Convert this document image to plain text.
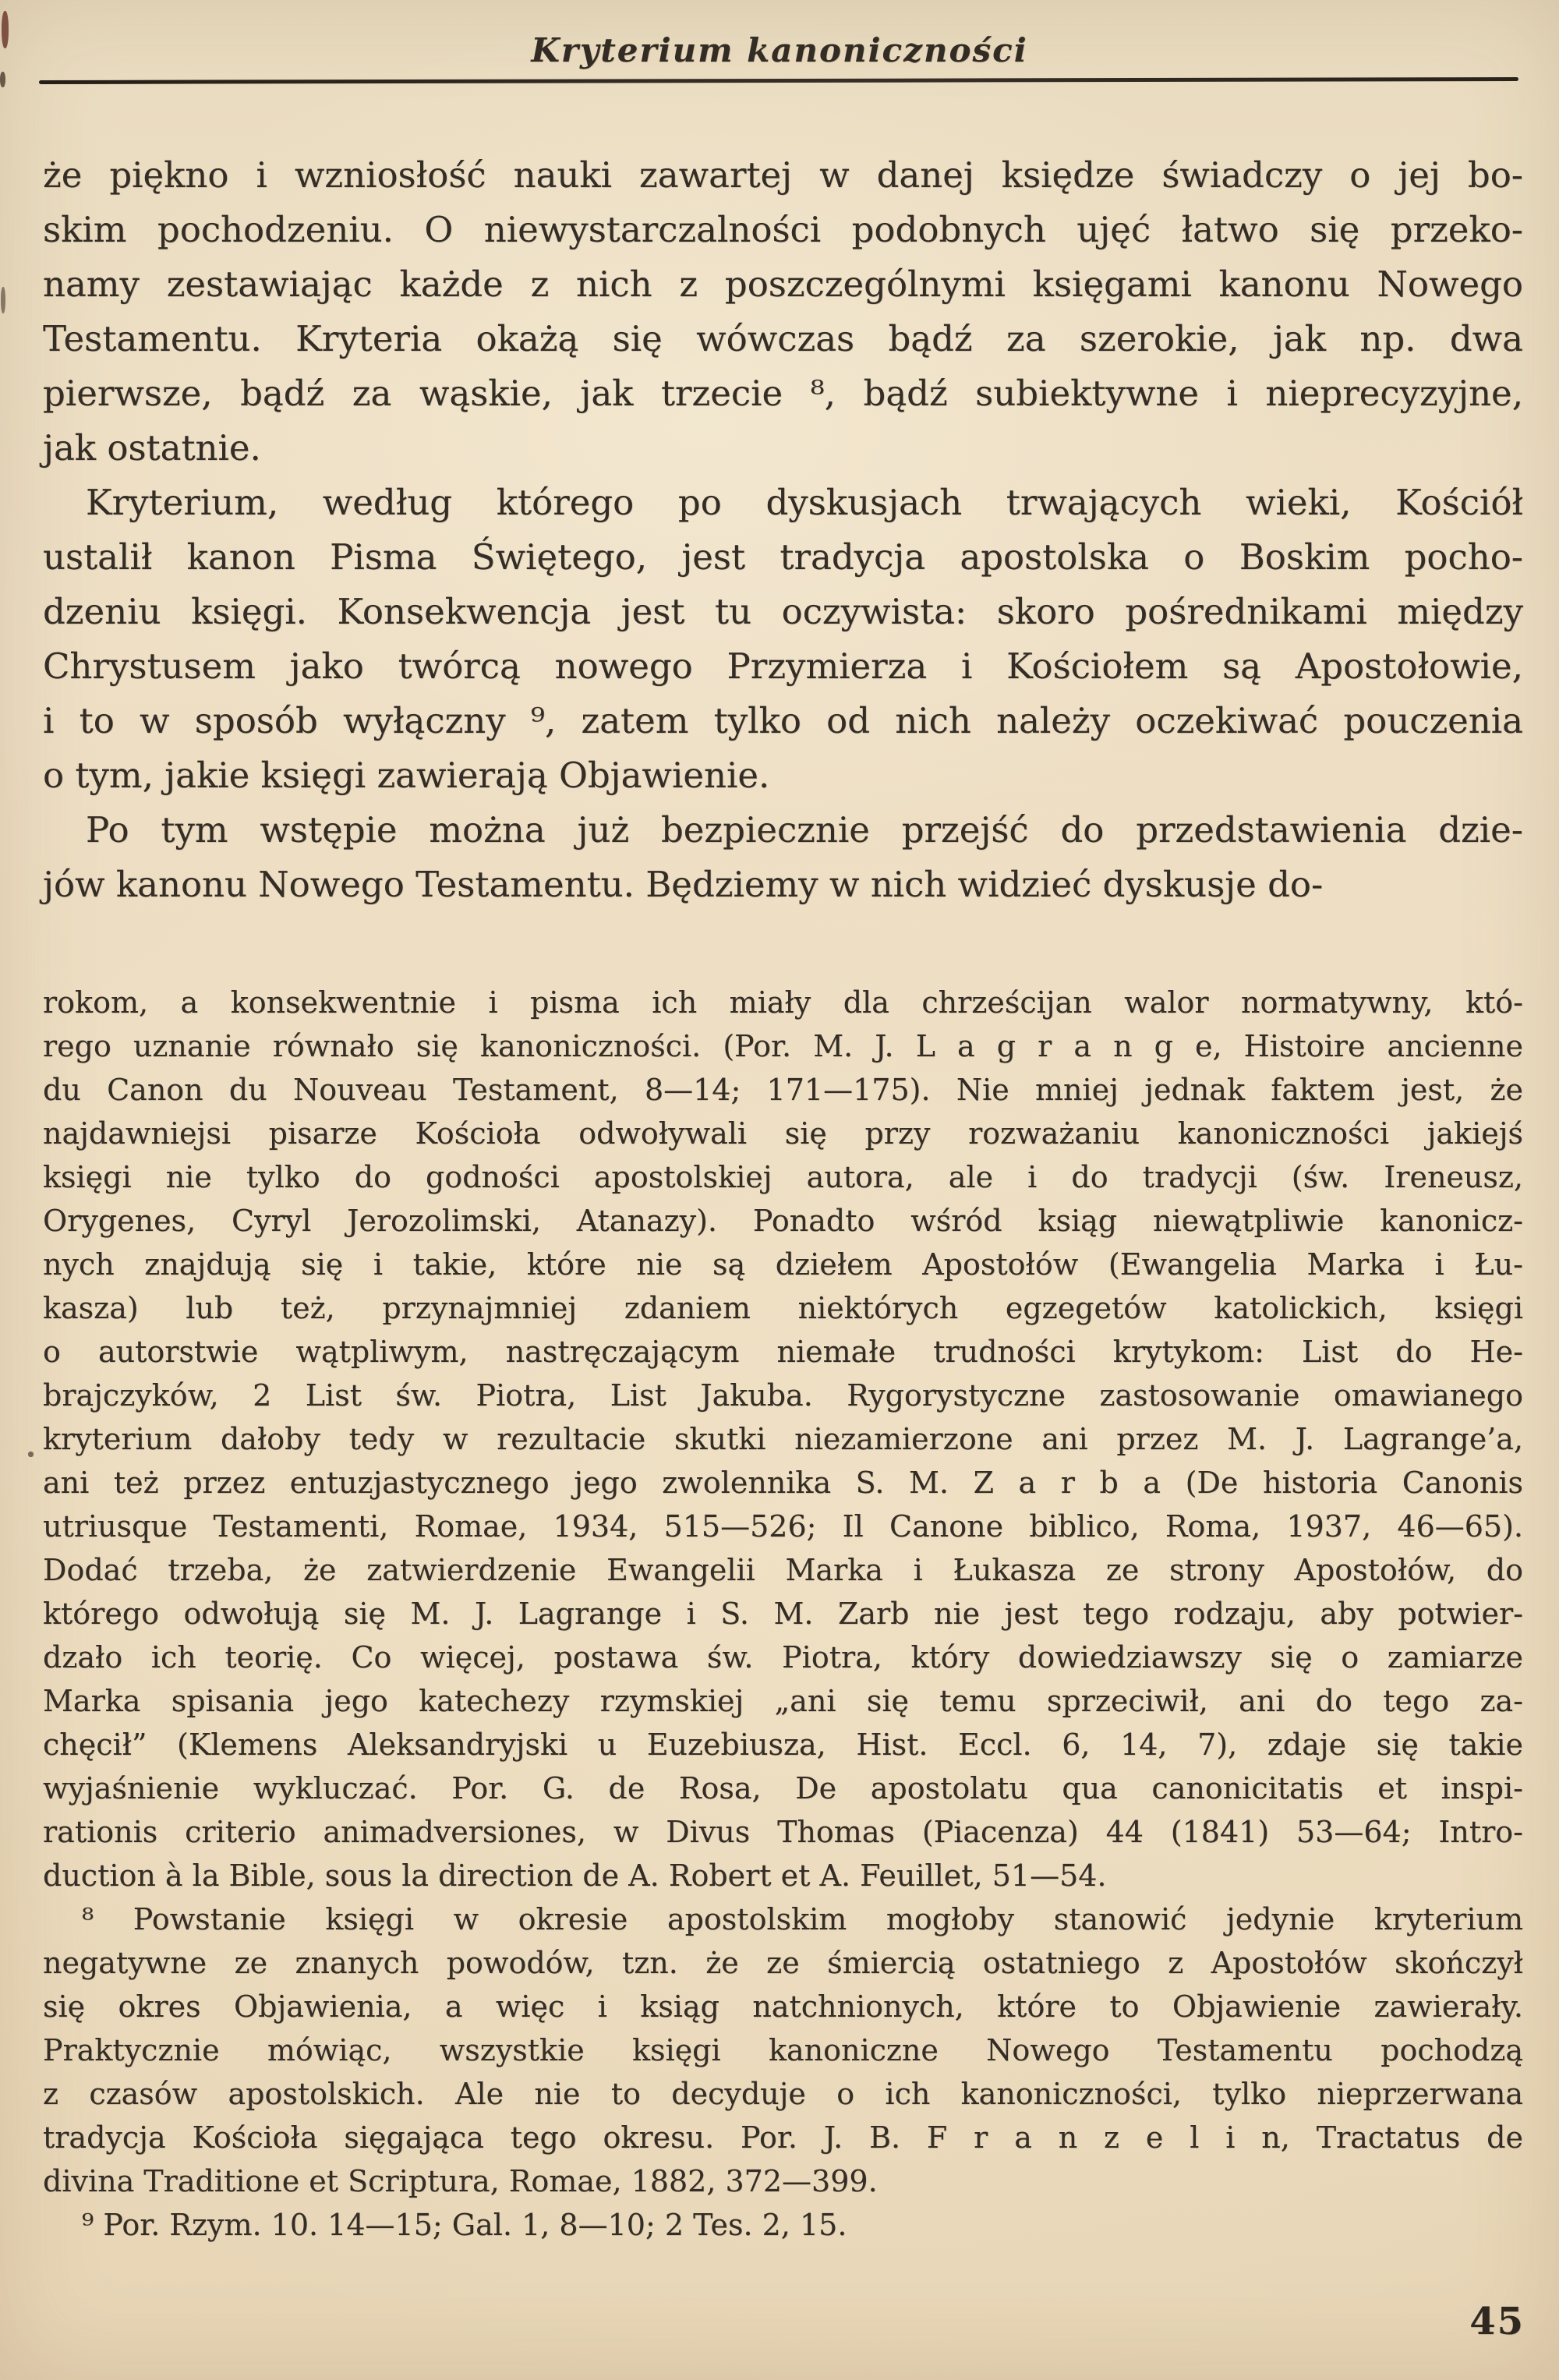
Kryterium kanoniczności
że piękno i wzniosłość nauki zawartej w danej księdze świadczy o jej bo-
skim pochodzeniu. O niewystarczalności podobnych ujęć łatwo się przeko-
namy zestawiając każde z nich z poszczególnymi księgami kanonu Nowego
Testamentu. Kryteria okażą się wówczas bądź za szerokie, jak np. dwa
pierwsze, bądź za wąskie, jak trzecie ⁸, bądź subiektywne i nieprecyzyjne,
jak ostatnie.
Kryterium, według którego po dyskusjach trwających wieki, Kościół
ustalił kanon Pisma Świętego, jest tradycja apostolska o Boskim pocho-
dzeniu księgi. Konsekwencja jest tu oczywista: skoro pośrednikami między
Chrystusem jako twórcą nowego Przymierza i Kościołem są Apostołowie,
i to w sposób wyłączny ⁹, zatem tylko od nich należy oczekiwać pouczenia
o tym, jakie księgi zawierają Objawienie.
Po tym wstępie można już bezpiecznie przejść do przedstawienia dzie-
jów kanonu Nowego Testamentu. Będziemy w nich widzieć dyskusje do-
rokom, a konsekwentnie i pisma ich miały dla chrześcijan walor normatywny, któ-
rego uznanie równało się kanoniczności. (Por. M. J. L a g r a n g e, Histoire ancienne
du Canon du Nouveau Testament, 8—14; 171—175). Nie mniej jednak faktem jest, że
najdawniejsi pisarze Kościoła odwoływali się przy rozważaniu kanoniczności jakiejś
księgi nie tylko do godności apostolskiej autora, ale i do tradycji (św. Ireneusz,
Orygenes, Cyryl Jerozolimski, Atanazy). Ponadto wśród ksiąg niewątpliwie kanonicz-
nych znajdują się i takie, które nie są dziełem Apostołów (Ewangelia Marka i Łu-
kasza) lub też, przynajmniej zdaniem niektórych egzegetów katolickich, księgi
o autorstwie wątpliwym, nastręczającym niemałe trudności krytykom: List do He-
brajczyków, 2 List św. Piotra, List Jakuba. Rygorystyczne zastosowanie omawianego
kryterium dałoby tedy w rezultacie skutki niezamierzone ani przez M. J. Lagrange’a,
ani też przez entuzjastycznego jego zwolennika S. M. Z a r b a (De historia Canonis
utriusque Testamenti, Romae, 1934, 515—526; Il Canone biblico, Roma, 1937, 46—65).
Dodać trzeba, że zatwierdzenie Ewangelii Marka i Łukasza ze strony Apostołów, do
którego odwołują się M. J. Lagrange i S. M. Zarb nie jest tego rodzaju, aby potwier-
dzało ich teorię. Co więcej, postawa św. Piotra, który dowiedziawszy się o zamiarze
Marka spisania jego katechezy rzymskiej „ani się temu sprzeciwił, ani do tego za-
chęcił” (Klemens Aleksandryjski u Euzebiusza, Hist. Eccl. 6, 14, 7), zdaje się takie
wyjaśnienie wykluczać. Por. G. de Rosa, De apostolatu qua canonicitatis et inspi-
rationis criterio animadversiones, w Divus Thomas (Piacenza) 44 (1841) 53—64; Intro-
duction à la Bible, sous la direction de A. Robert et A. Feuillet, 51—54.
⁸ Powstanie księgi w okresie apostolskim mogłoby stanowić jedynie kryterium
negatywne ze znanych powodów, tzn. że ze śmiercią ostatniego z Apostołów skończył
się okres Objawienia, a więc i ksiąg natchnionych, które to Objawienie zawierały.
Praktycznie mówiąc, wszystkie księgi kanoniczne Nowego Testamentu pochodzą
z czasów apostolskich. Ale nie to decyduje o ich kanoniczności, tylko nieprzerwana
tradycja Kościoła sięgająca tego okresu. Por. J. B. F r a n z e l i n, Tractatus de
divina Traditione et Scriptura, Romae, 1882, 372—399.
⁹ Por. Rzym. 10. 14—15; Gal. 1, 8—10; 2 Tes. 2, 15.
45
